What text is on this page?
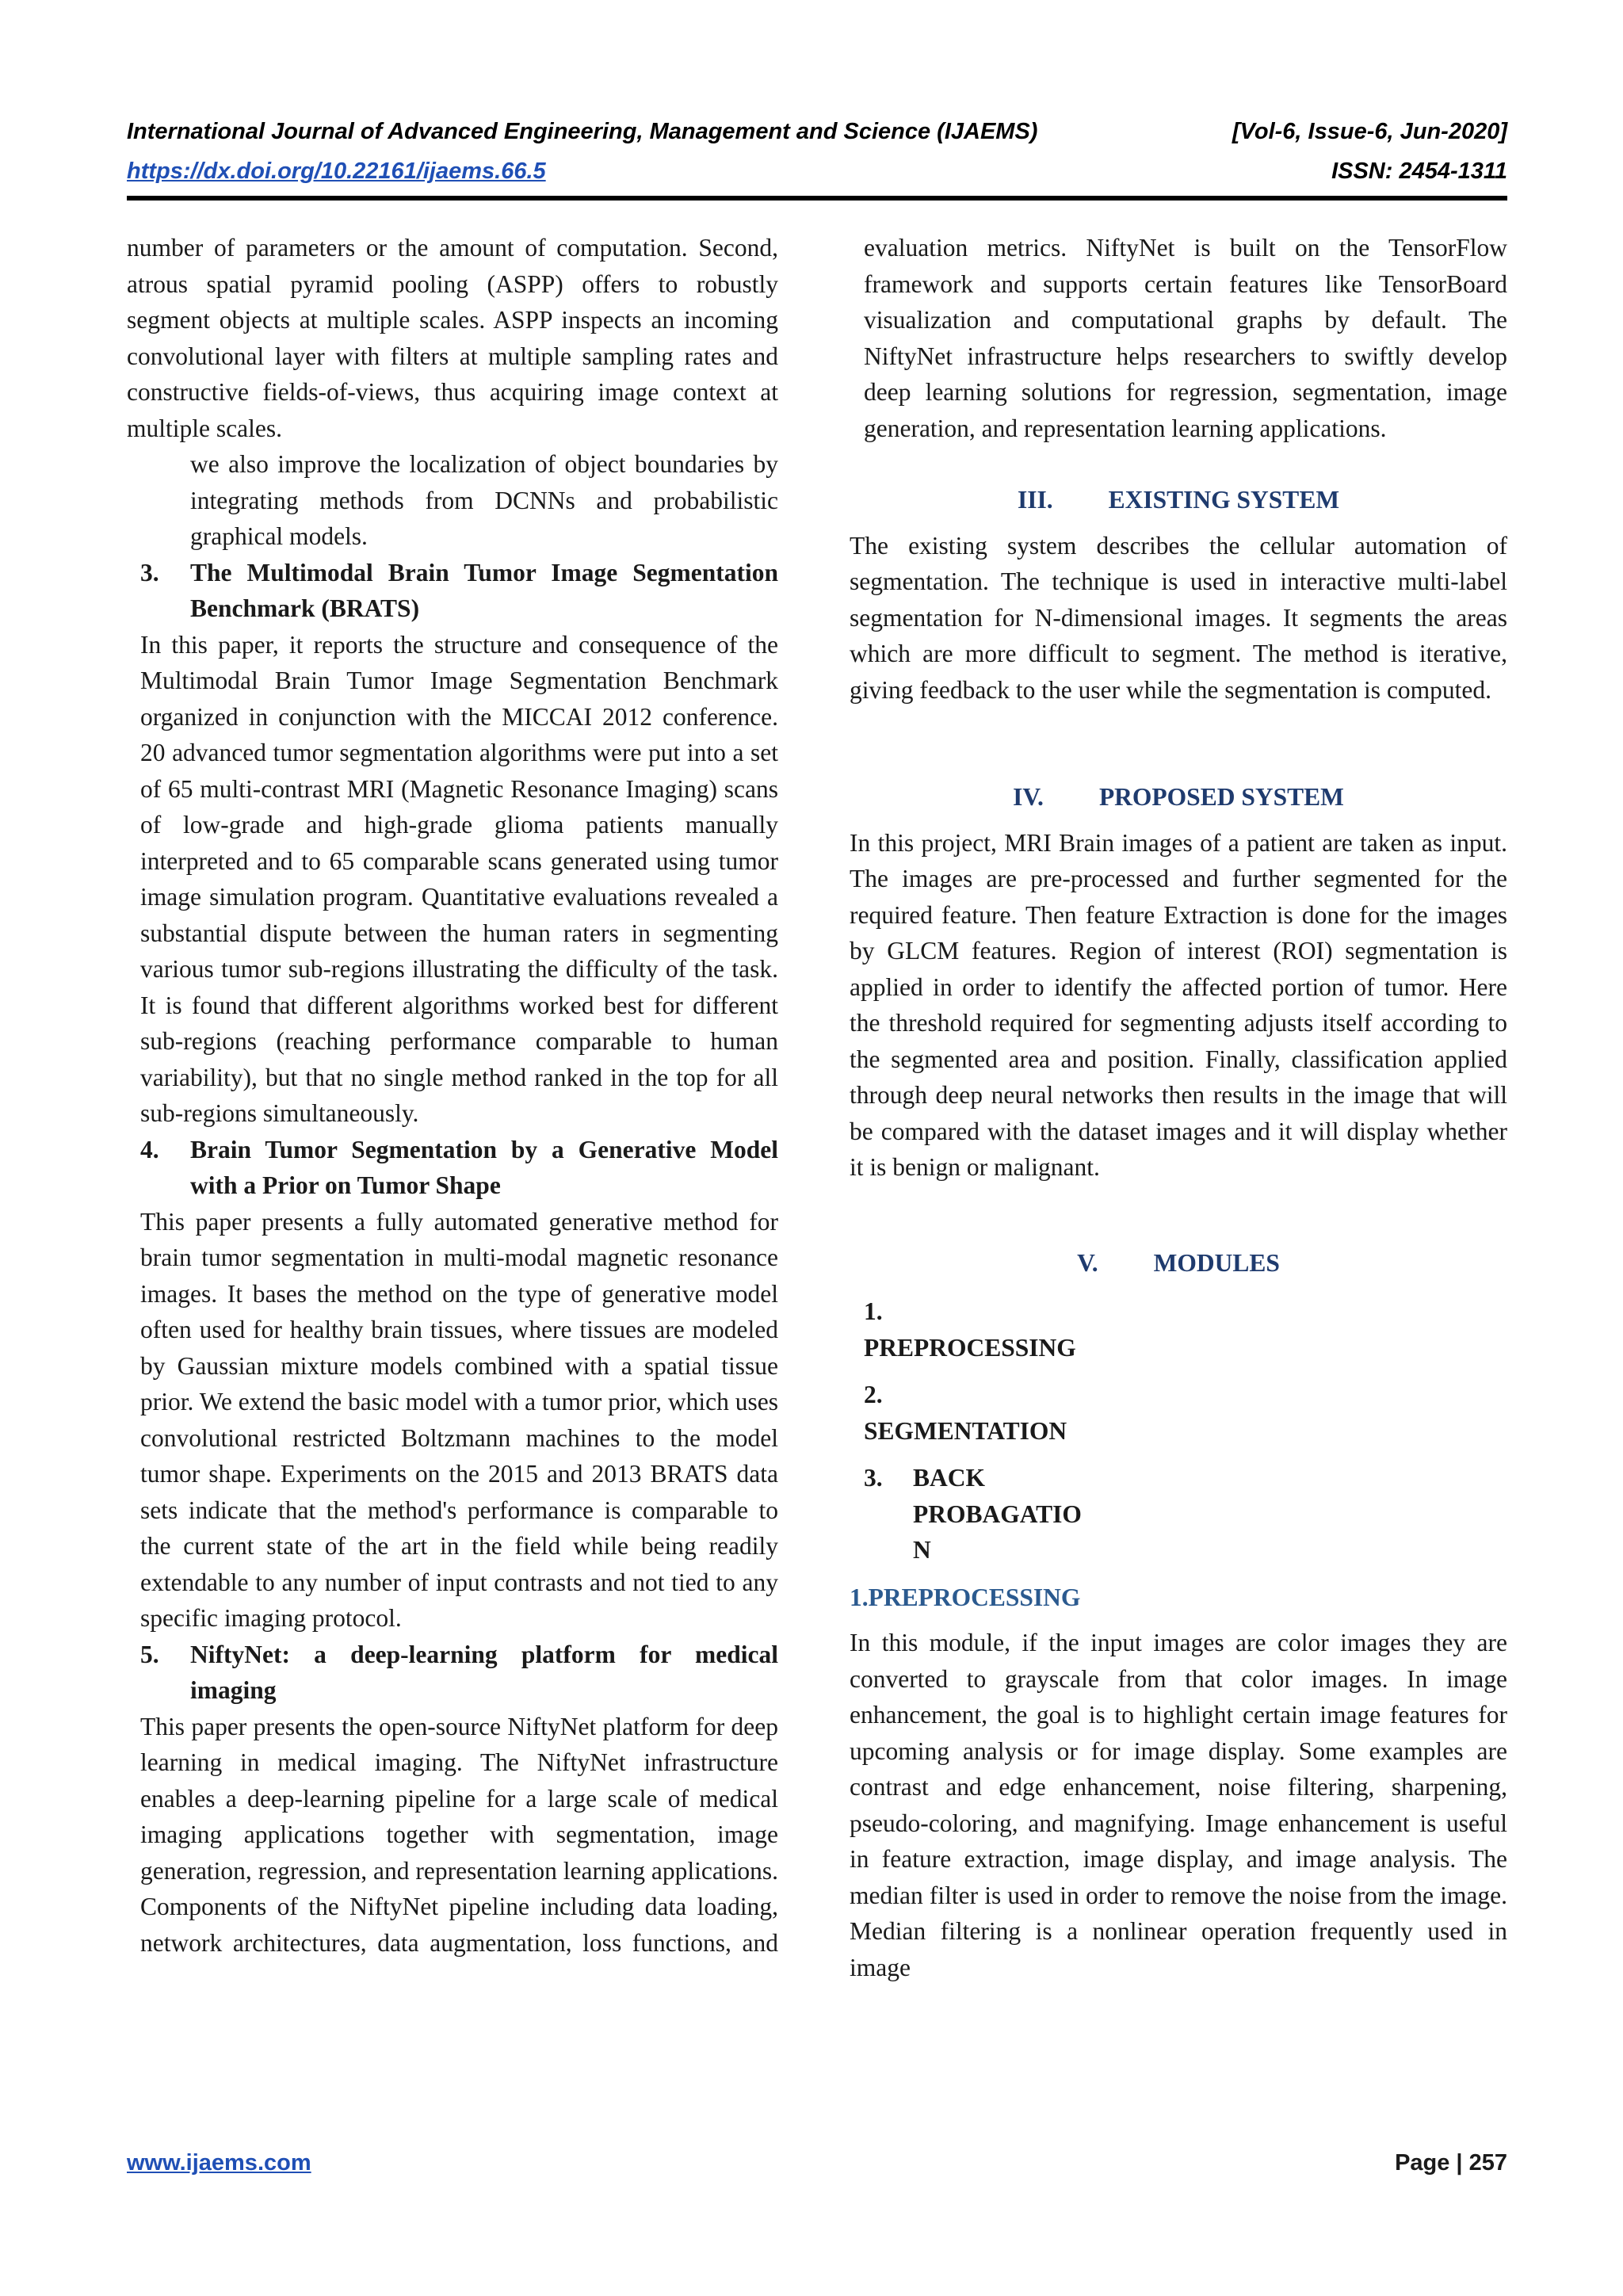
International Journal of Advanced Engineering, Management and Science (IJAEMS)	[Vol-6, Issue-6, Jun-2020]
https://dx.doi.org/10.22161/ijaems.66.5	ISSN: 2454-1311

number of parameters or the amount of computation. Second, atrous spatial pyramid pooling (ASPP) offers to robustly segment objects at multiple scales. ASPP inspects an incoming convolutional layer with filters at multiple sampling rates and constructive fields-of-views, thus acquiring image context at multiple scales.

we also improve the localization of object boundaries by integrating methods from DCNNs and probabilistic graphical models.

3.	The Multimodal Brain Tumor Image Segmentation Benchmark (BRATS)

In this paper, it reports the structure and consequence of the Multimodal Brain Tumor Image Segmentation Benchmark organized in conjunction with the MICCAI 2012 conference. 20 advanced tumor segmentation algorithms were put into a set of 65 multi-contrast MRI (Magnetic Resonance Imaging) scans of low-grade and high-grade glioma patients manually interpreted and to 65 comparable scans generated using tumor image simulation program. Quantitative evaluations revealed a substantial dispute between the human raters in segmenting various tumor sub-regions illustrating the difficulty of the task. It is found that different algorithms worked best for different sub-regions (reaching performance comparable to human variability), but that no single method ranked in the top for all sub-regions simultaneously.

4.	Brain Tumor Segmentation by a Generative Model with a Prior on Tumor Shape

This paper presents a fully automated generative method for brain tumor segmentation in multi-modal magnetic resonance images. It bases the method on the type of generative model often used for healthy brain tissues, where tissues are modeled by Gaussian mixture models combined with a spatial tissue prior. We extend the basic model with a tumor prior, which uses convolutional restricted Boltzmann machines to the model tumor shape. Experiments on the 2015 and 2013 BRATS data sets indicate that the method's performance is comparable to the current state of the art in the field while being readily extendable to any number of input contrasts and not tied to any specific imaging protocol.

5.	NiftyNet: a deep-learning platform for medical imaging

This paper presents the open-source NiftyNet platform for deep learning in medical imaging. The NiftyNet infrastructure enables a deep-learning pipeline for a large scale of medical imaging applications together with segmentation, image generation, regression, and representation learning applications. Components of the NiftyNet pipeline including data loading, network architectures, data augmentation, loss functions, and

evaluation metrics. NiftyNet is built on the TensorFlow framework and supports certain features like TensorBoard visualization and computational graphs by default. The NiftyNet infrastructure helps researchers to swiftly develop deep learning solutions for regression, segmentation, image generation, and representation learning applications.

III. EXISTING SYSTEM

The existing system describes the cellular automation of segmentation. The technique is used in interactive multi-label segmentation for N-dimensional images. It segments the areas which are more difficult to segment. The method is iterative, giving feedback to the user while the segmentation is computed.

IV. PROPOSED SYSTEM

In this project, MRI Brain images of a patient are taken as input. The images are pre-processed and further segmented for the required feature. Then feature Extraction is done for the images by GLCM features. Region of interest (ROI) segmentation is applied in order to identify the affected portion of tumor. Here the threshold required for segmenting adjusts itself according to the segmented area and position. Finally, classification applied through deep neural networks then results in the image that will be compared with the dataset images and it will display whether it is benign or malignant.

V. MODULES

1.
PREPROCESSING
2.
SEGMENTATION
3.	BACK
PROBAGATIO
N

1.PREPROCESSING

In this module, if the input images are color images they are converted to grayscale from that color images. In image enhancement, the goal is to highlight certain image features for upcoming analysis or for image display. Some examples are contrast and edge enhancement, noise filtering, sharpening, pseudo-coloring, and magnifying. Image enhancement is useful in feature extraction, image display, and image analysis. The median filter is used in order to remove the noise from the image. Median filtering is a nonlinear operation frequently used in image

www.ijaems.com	Page | 257
